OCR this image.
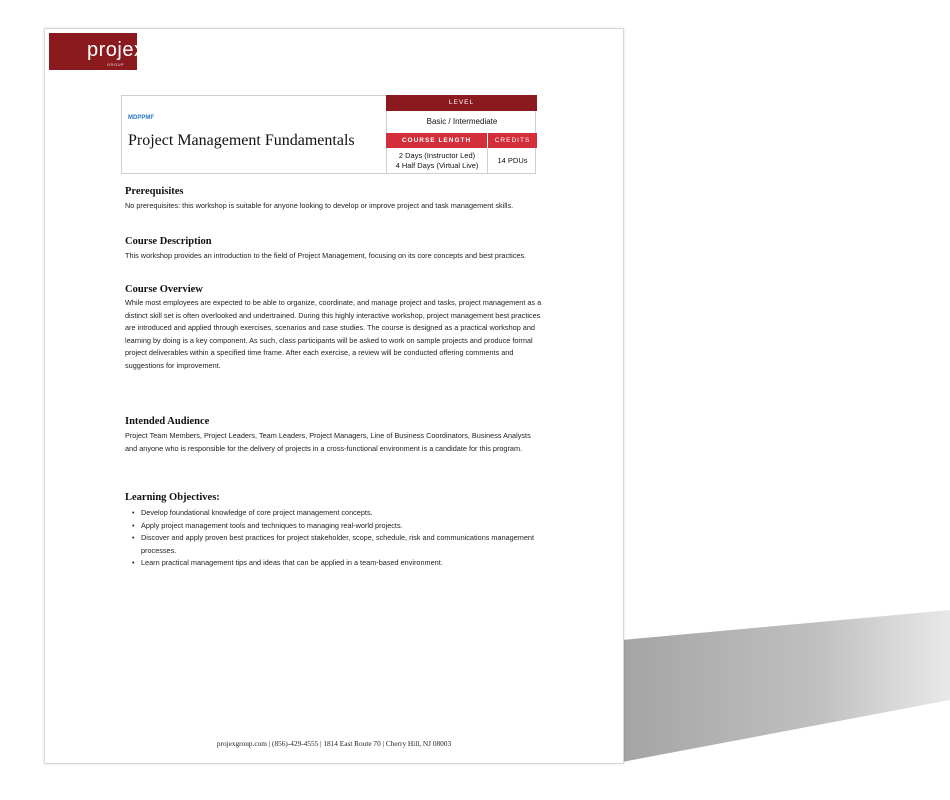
projex
GROUP
MDPPMF
Project Management Fundamentals
LEVEL
Basic / Intermediate
COURSE LENGTH	CREDITS
2 Days (Instructor Led)
4 Half Days (Virtual Live)
14 PDUs
Prerequisites
No prerequisites: this workshop is suitable for anyone looking to develop or improve project and task management skills.
Course Description
This workshop provides an introduction to the field of Project Management, focusing on its core concepts and best practices.
Course Overview
While most employees are expected to be able to organize, coordinate, and manage project and tasks, project management as a distinct skill set is often overlooked and undertrained. During this highly interactive workshop, project management best practices are introduced and applied through exercises, scenarios and case studies. The course is designed as a practical workshop and learning by doing is a key component. As such, class participants will be asked to work on sample projects and produce formal project deliverables within a specified time frame. After each exercise, a review will be conducted offering comments and suggestions for improvement.
Intended Audience
Project Team Members, Project Leaders, Team Leaders, Project Managers, Line of Business Coordinators, Business Analysts and anyone who is responsible for the delivery of projects in a cross-functional environment is a candidate for this program.
Learning Objectives:
• Develop foundational knowledge of core project management concepts.
• Apply project management tools and techniques to managing real-world projects.
• Discover and apply proven best practices for project stakeholder, scope, schedule, risk and communications management processes.
• Learn practical management tips and ideas that can be applied in a team-based environment.
projexgroup.com | (856)-429-4555 | 1814 East Route 70 | Cherry Hill, NJ 08003
